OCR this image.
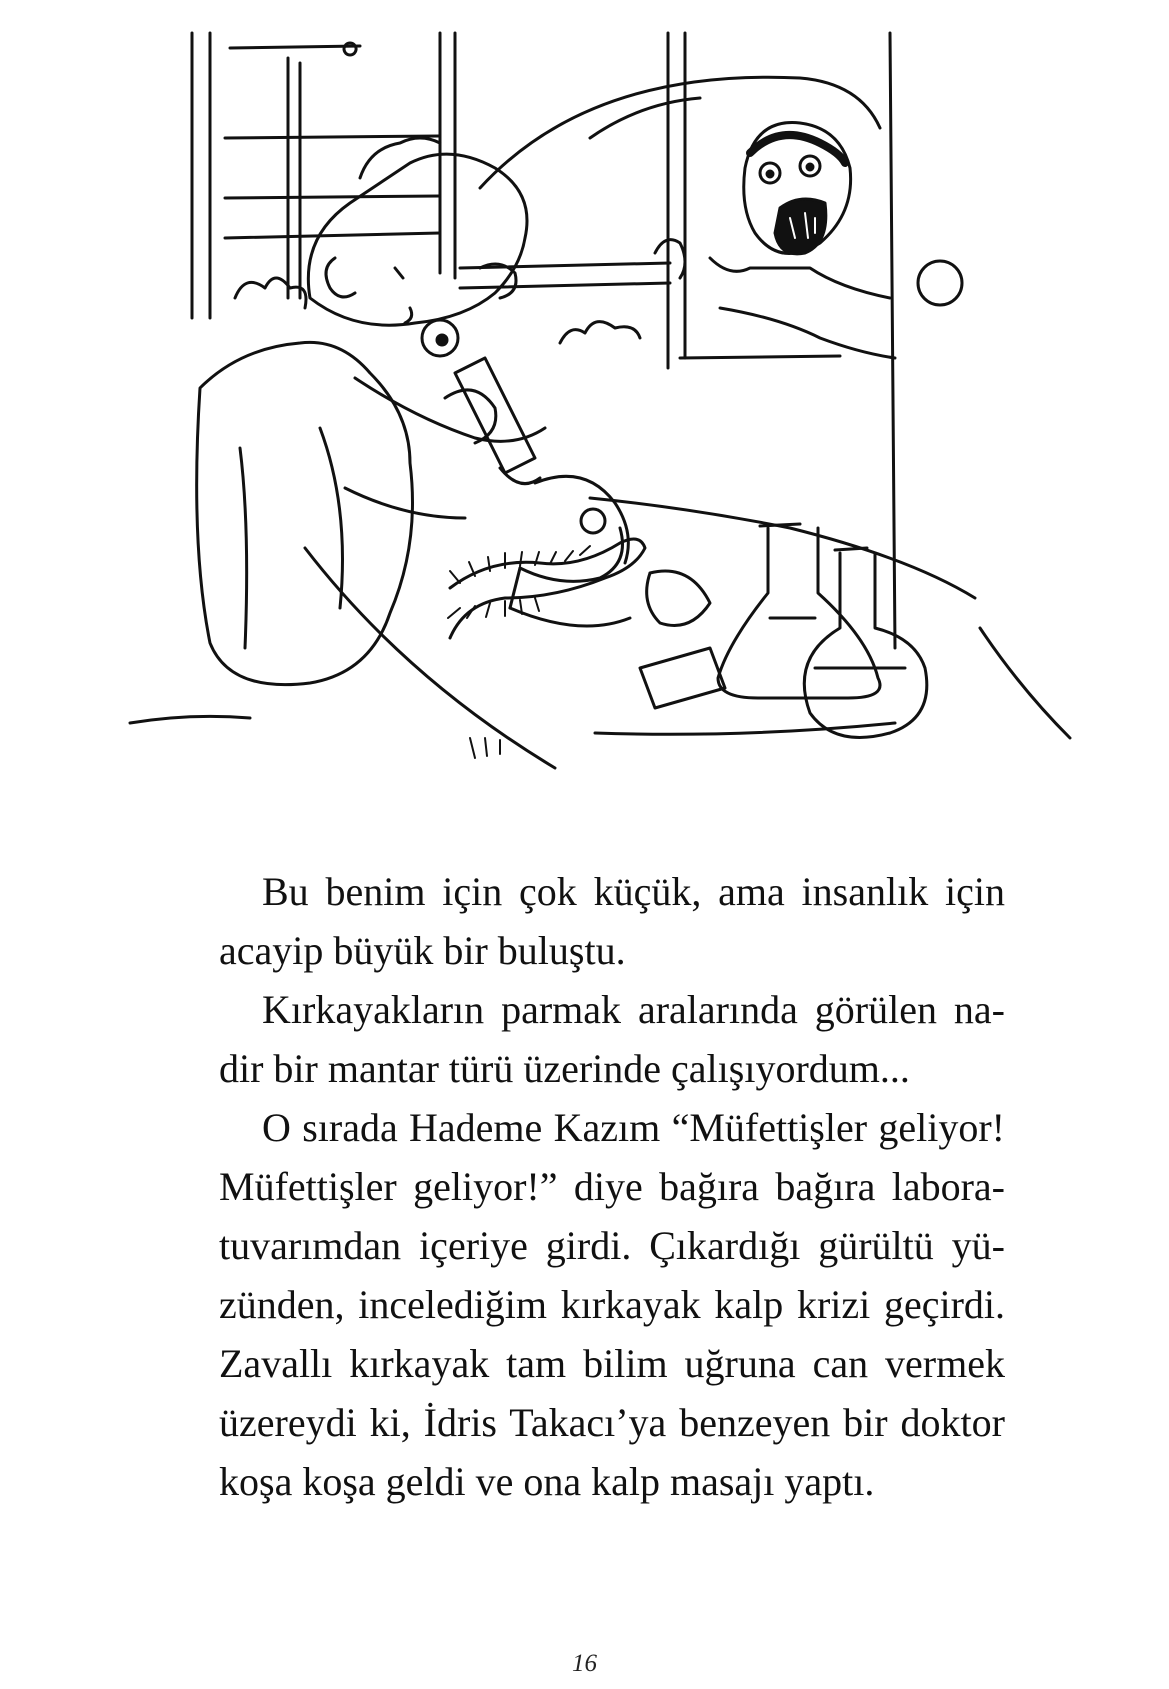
Bu benim için çok küçük, ama insanlık için
acayip büyük bir buluştu.
Kırkayakların parmak aralarında görülen na-
dir bir mantar türü üzerinde çalışıyordum...
O sırada Hademe Kazım “Müfettişler geliyor!
Müfettişler geliyor!” diye bağıra bağıra labora-
tuvarımdan içeriye girdi. Çıkardığı gürültü yü-
zünden, incelediğim kırkayak kalp krizi geçirdi.
Zavallı kırkayak tam bilim uğruna can vermek
üzereydi ki, İdris Takacı’ya benzeyen bir doktor
koşa koşa geldi ve ona kalp masajı yaptı.
16
